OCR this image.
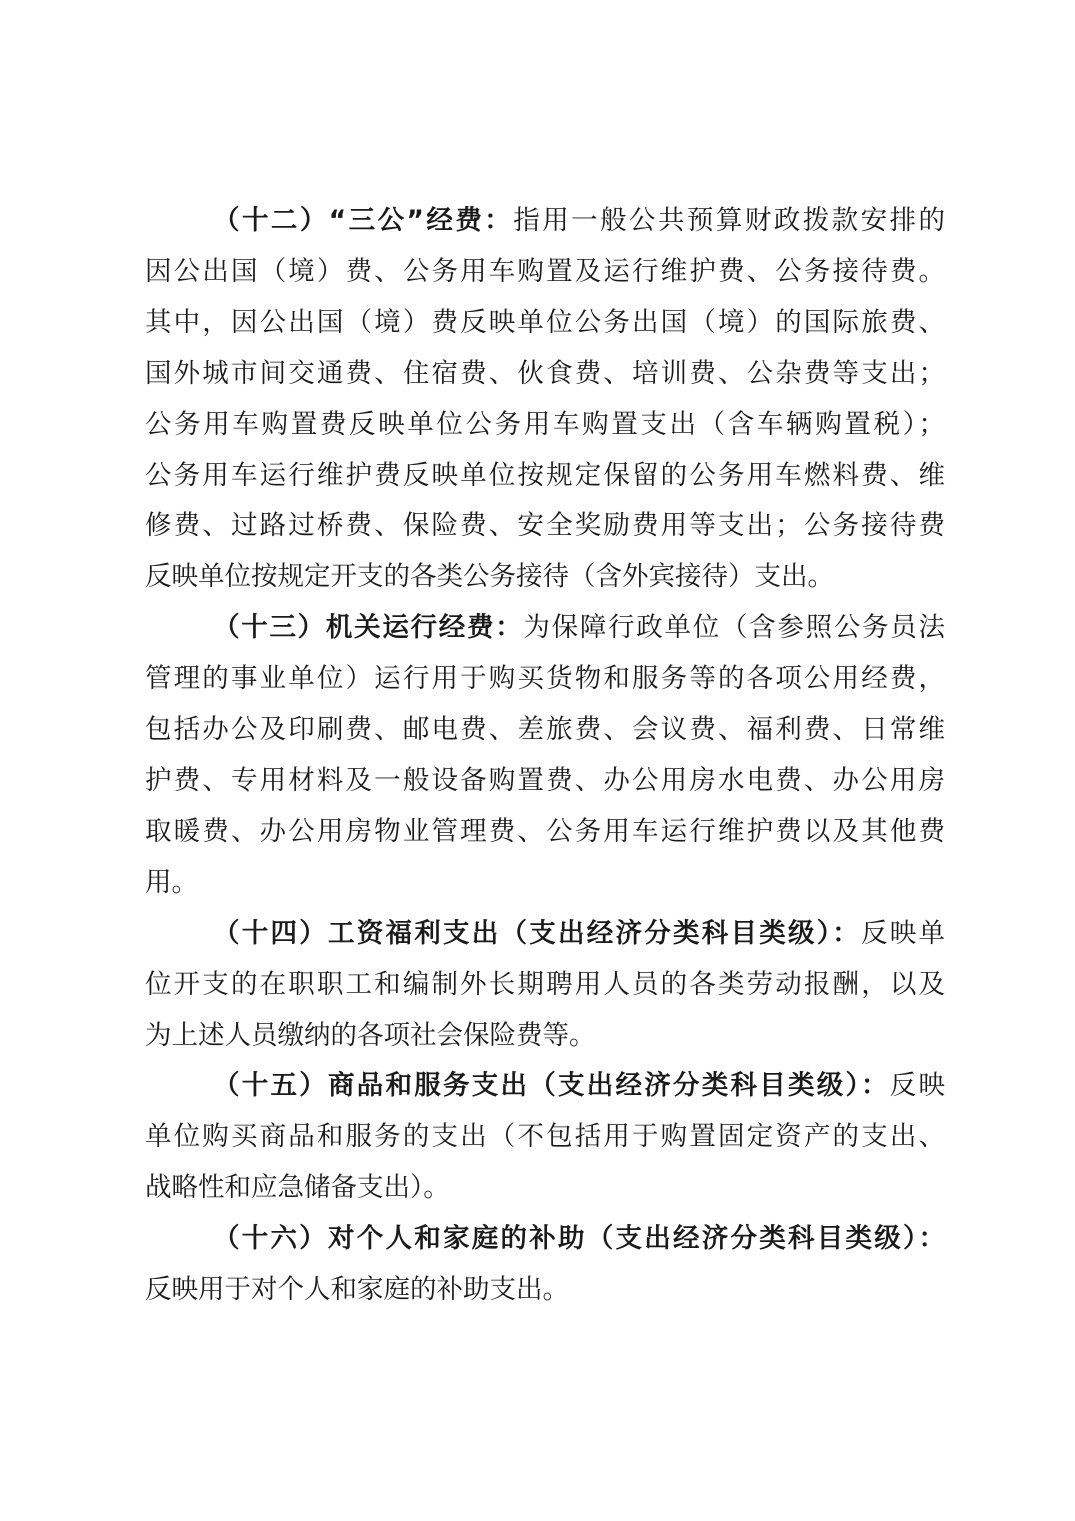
（十二）“三公”经费：指用一般公共预算财政拨款安排的
因公出国（境）费、公务用车购置及运行维护费、公务接待费。
其中，因公出国（境）费反映单位公务出国（境）的国际旅费、
国外城市间交通费、住宿费、伙食费、培训费、公杂费等支出；
公务用车购置费反映单位公务用车购置支出（含车辆购置税）；
公务用车运行维护费反映单位按规定保留的公务用车燃料费、维
修费、过路过桥费、保险费、安全奖励费用等支出；公务接待费
反映单位按规定开支的各类公务接待（含外宾接待）支出。
（十三）机关运行经费：为保障行政单位（含参照公务员法
管理的事业单位）运行用于购买货物和服务等的各项公用经费，
包括办公及印刷费、邮电费、差旅费、会议费、福利费、日常维
护费、专用材料及一般设备购置费、办公用房水电费、办公用房
取暖费、办公用房物业管理费、公务用车运行维护费以及其他费
用。
（十四）工资福利支出（支出经济分类科目类级）：反映单
位开支的在职职工和编制外长期聘用人员的各类劳动报酬，以及
为上述人员缴纳的各项社会保险费等。
（十五）商品和服务支出（支出经济分类科目类级）：反映
单位购买商品和服务的支出（不包括用于购置固定资产的支出、
战略性和应急储备支出）。
（十六）对个人和家庭的补助（支出经济分类科目类级）：
反映用于对个人和家庭的补助支出。
